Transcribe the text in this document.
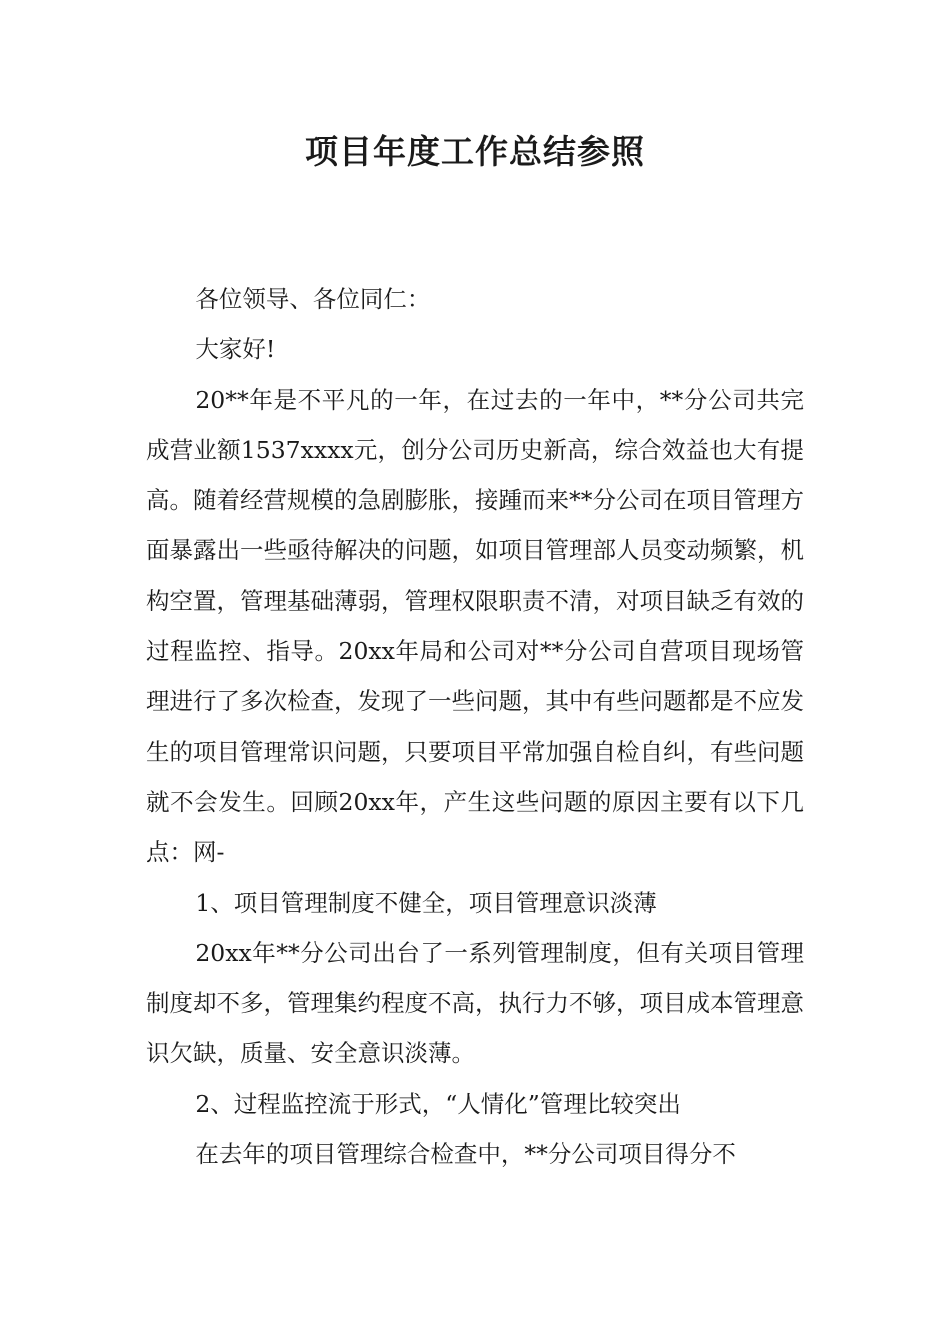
项目年度工作总结参照

各位领导、各位同仁：

大家好!

20**年是不平凡的一年，在过去的一年中，**分公司共完成营业额1537xxxx元，创分公司历史新高，综合效益也大有提高。随着经营规模的急剧膨胀，接踵而来**分公司在项目管理方面暴露出一些亟待解决的问题，如项目管理部人员变动频繁，机构空置，管理基础薄弱，管理权限职责不清，对项目缺乏有效的过程监控、指导。20xx年局和公司对**分公司自营项目现场管理进行了多次检查，发现了一些问题，其中有些问题都是不应发生的项目管理常识问题，只要项目平常加强自检自纠，有些问题就不会发生。回顾20xx年，产生这些问题的原因主要有以下几点：网-

1、项目管理制度不健全，项目管理意识淡薄

20xx年**分公司出台了一系列管理制度，但有关项目管理制度却不多，管理集约程度不高，执行力不够，项目成本管理意识欠缺，质量、安全意识淡薄。

2、过程监控流于形式，“人情化”管理比较突出

在去年的项目管理综合检查中，**分公司项目得分不
